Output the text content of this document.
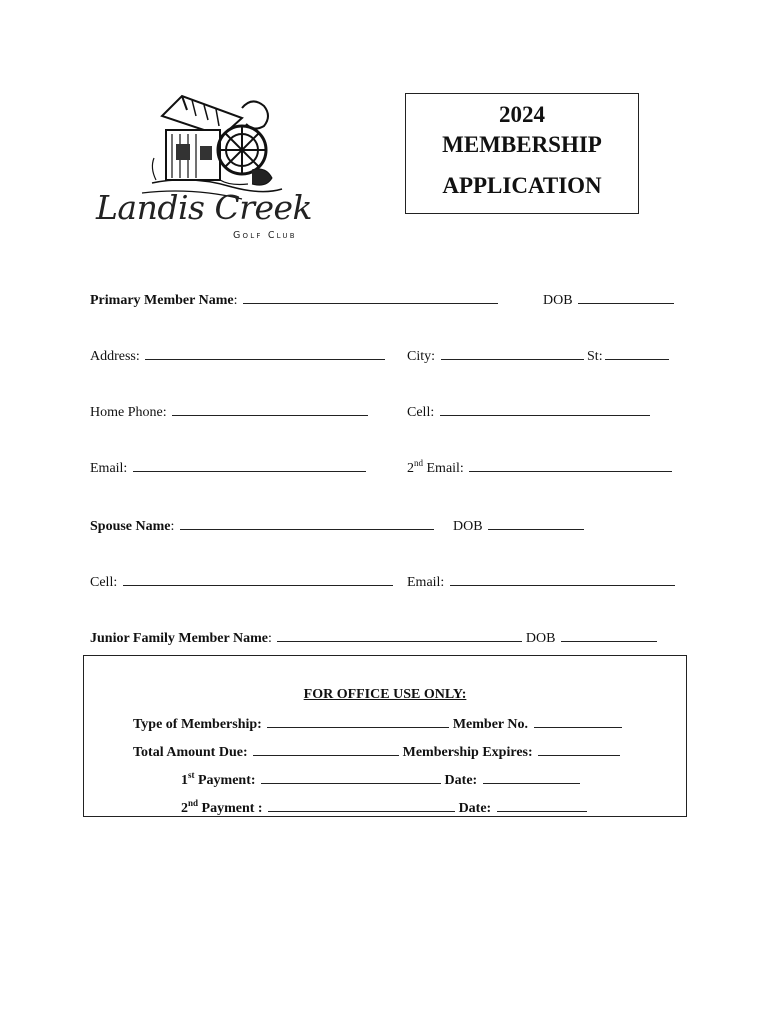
Landis Creek
Golf Club
2024
MEMBERSHIP
APPLICATION
Primary Member Name:	DOB
Address:	City:	St:
Home Phone:	Cell:
Email:	2nd Email:
Spouse Name:	DOB
Cell:	Email:
Junior Family Member Name:	DOB
FOR OFFICE USE ONLY:
Type of Membership:	Member No.
Total Amount Due:	Membership Expires:
1st Payment:	Date:
2nd Payment :	Date:
